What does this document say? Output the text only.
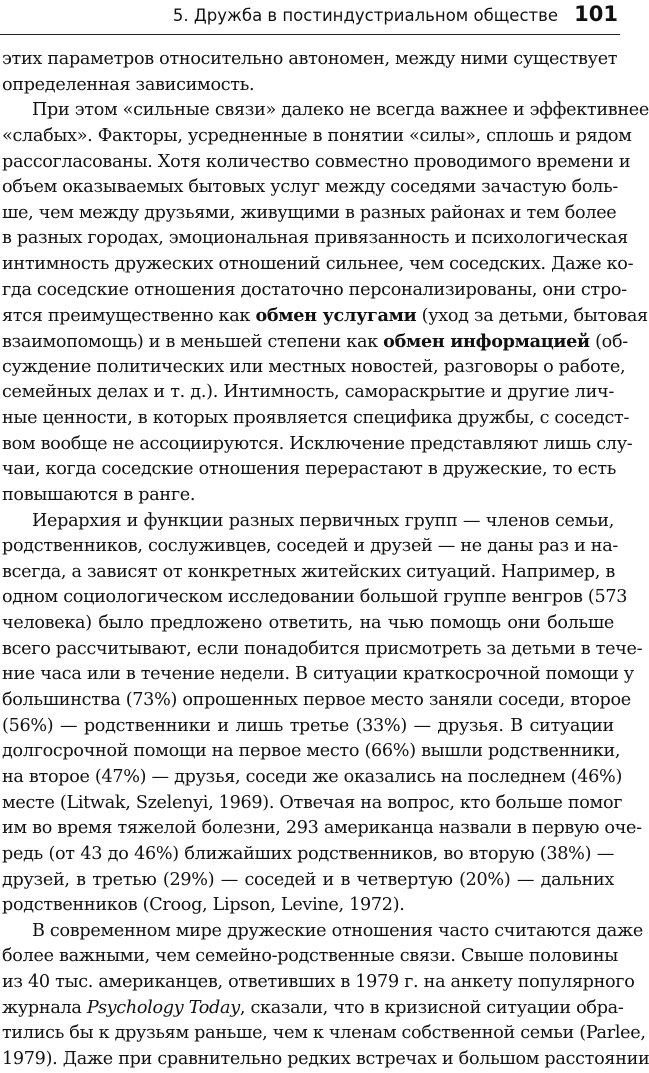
5. Дружба в постиндустриальном обществе 101
этих параметров относительно автономен, между ними существует
определенная зависимость.
При этом «сильные связи» далеко не всегда важнее и эффективнее
«слабых». Факторы, усредненные в понятии «силы», сплошь и рядом
рассогласованы. Хотя количество совместно проводимого времени и
объем оказываемых бытовых услуг между соседями зачастую боль-
ше, чем между друзьями, живущими в разных районах и тем более
в разных городах, эмоциональная привязанность и психологическая
интимность дружеских отношений сильнее, чем соседских. Даже ко-
гда соседские отношения достаточно персонализированы, они стро-
ятся преимущественно как обмен услугами (уход за детьми, бытовая
взаимопомощь) и в меньшей степени как обмен информацией (об-
суждение политических или местных новостей, разговоры о работе,
семейных делах и т. д.). Интимность, самораскрытие и другие лич-
ные ценности, в которых проявляется специфика дружбы, с соседст-
вом вообще не ассоциируются. Исключение представляют лишь слу-
чаи, когда соседские отношения перерастают в дружеские, то есть
повышаются в ранге.
Иерархия и функции разных первичных групп — членов семьи,
родственников, сослуживцев, соседей и друзей — не даны раз и на-
всегда, а зависят от конкретных житейских ситуаций. Например, в
одном социологическом исследовании большой группе венгров (573
человека) было предложено ответить, на чью помощь они больше
всего рассчитывают, если понадобится присмотреть за детьми в тече-
ние часа или в течение недели. В ситуации краткосрочной помощи у
большинства (73%) опрошенных первое место заняли соседи, второе
(56%) — родственники и лишь третье (33%) — друзья. В ситуации
долгосрочной помощи на первое место (66%) вышли родственники,
на второе (47%) — друзья, соседи же оказались на последнем (46%)
месте (Litwak, Szelenyi, 1969). Отвечая на вопрос, кто больше помог
им во время тяжелой болезни, 293 американца назвали в первую оче-
редь (от 43 до 46%) ближайших родственников, во вторую (38%) —
друзей, в третью (29%) — соседей и в четвертую (20%) — дальних
родственников (Croog, Lipson, Levine, 1972).
В современном мире дружеские отношения часто считаются даже
более важными, чем семейно-родственные связи. Свыше половины
из 40 тыс. американцев, ответивших в 1979 г. на анкету популярного
журнала Psychology Today, сказали, что в кризисной ситуации обра-
тились бы к друзьям раньше, чем к членам собственной семьи (Parlee,
1979). Даже при сравнительно редких встречах и большом расстоянии
